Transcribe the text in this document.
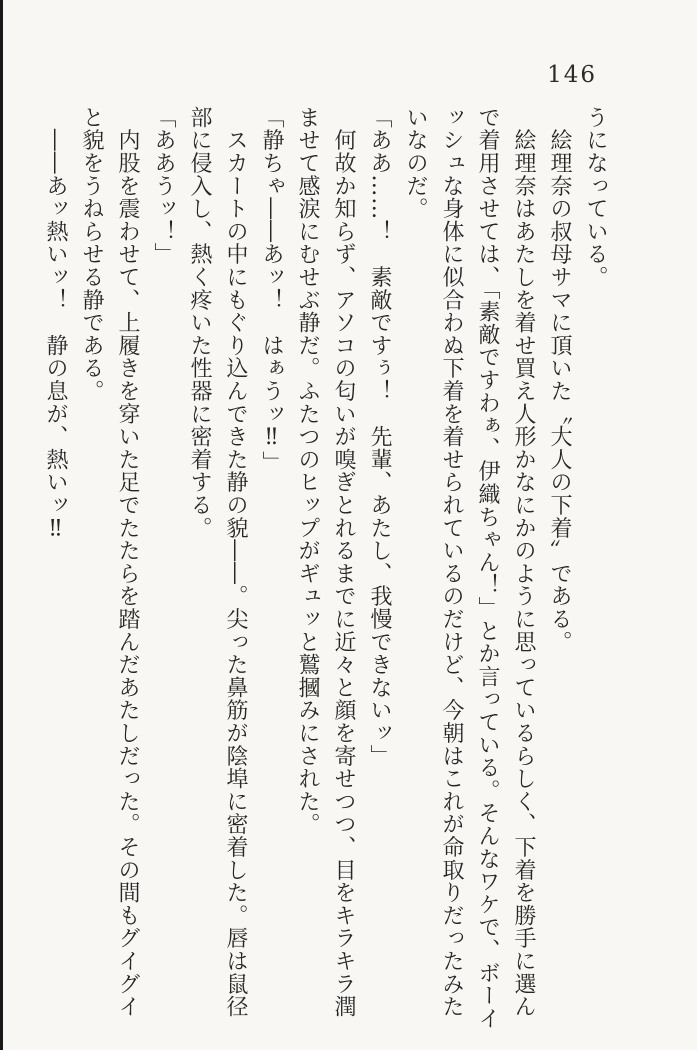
146

うになっている。

　絵理奈の叔母サマに頂いた〝大人の下着〟である。

　絵理奈はあたしを着せ買え人形かなにかのように思っているらしく、下着を勝手に選ん

で着用させては、「素敵ですわぁ、伊織ちゃん！」とか言っている。そんなワケで、ボーイ

ッシュな身体に似合わぬ下着を着せられているのだけど、今朝はこれが命取りだったみた

いなのだ。

「ああ……！　素敵ですぅ！　先輩、あたし、我慢できないッ」

　何故か知らず、アソコの匂いが嗅ぎとれるまでに近々と顔を寄せつつ、目をキラキラ潤

ませて感涙にむせぶ静だ。ふたつのヒップがギュッと鷲摑みにされた。

「静ちゃ――あッ！　はぁうッ‼」

　スカートの中にもぐり込んできた静の貌――。尖った鼻筋が陰埠に密着した。唇は鼠径

部に侵入し、熱く疼いた性器に密着する。

「ああうッ！」

　内股を震わせて、上履きを穿いた足でたたらを踏んだあたしだった。その間もグイグイ

と貌をうねらせる静である。

　――あッ熱いッ！　静の息が、熱いッ‼
